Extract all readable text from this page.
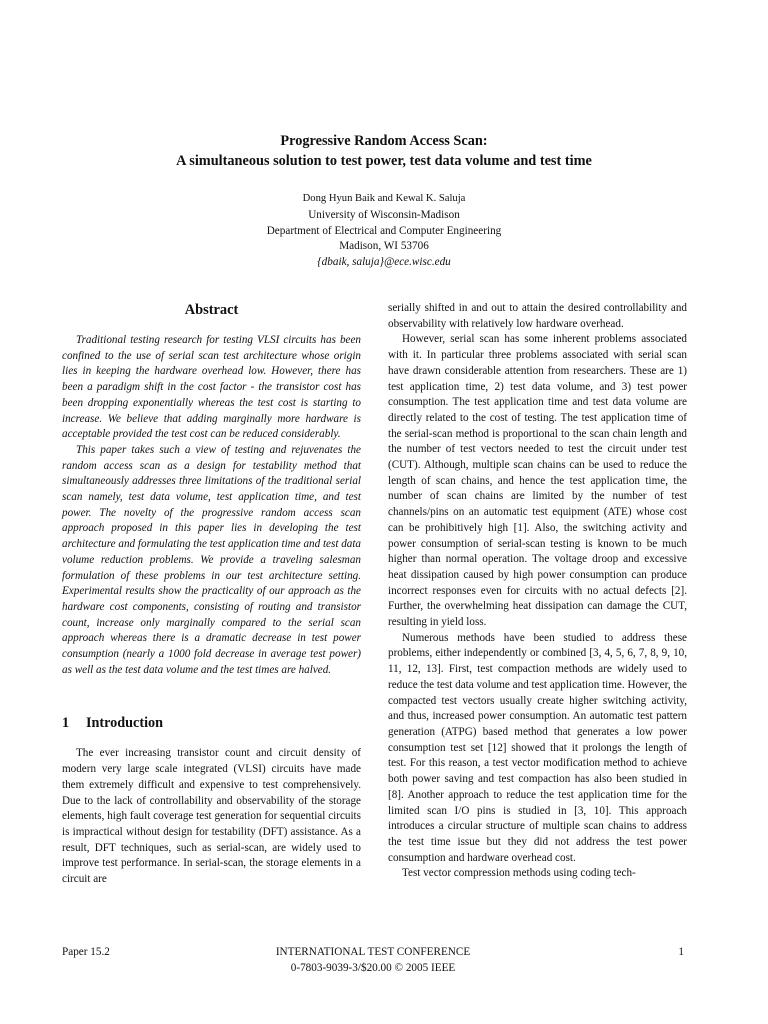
Progressive Random Access Scan:
A simultaneous solution to test power, test data volume and test time
Dong Hyun Baik and Kewal K. Saluja
University of Wisconsin-Madison
Department of Electrical and Computer Engineering
Madison, WI 53706
{dbaik, saluja}@ece.wisc.edu
Abstract

Traditional testing research for testing VLSI circuits has been confined to the use of serial scan test architecture whose origin lies in keeping the hardware overhead low. However, there has been a paradigm shift in the cost factor - the transistor cost has been dropping exponentially whereas the test cost is starting to increase. We believe that adding marginally more hardware is acceptable provided the test cost can be reduced considerably.

This paper takes such a view of testing and rejuvenates the random access scan as a design for testability method that simultaneously addresses three limitations of the traditional serial scan namely, test data volume, test application time, and test power. The novelty of the progressive random access scan approach proposed in this paper lies in developing the test architecture and formulating the test application time and test data volume reduction problems. We provide a traveling salesman formulation of these problems in our test architecture setting. Experimental results show the practicality of our approach as the hardware cost components, consisting of routing and transistor count, increase only marginally compared to the serial scan approach whereas there is a dramatic decrease in test power consumption (nearly a 1000 fold decrease in average test power) as well as the test data volume and the test times are halved.

1 Introduction

The ever increasing transistor count and circuit density of modern very large scale integrated (VLSI) circuits have made them extremely difficult and expensive to test comprehensively. Due to the lack of controllability and observability of the storage elements, high fault coverage test generation for sequential circuits is impractical without design for testability (DFT) assistance. As a result, DFT techniques, such as serial-scan, are widely used to improve test performance. In serial-scan, the storage elements in a circuit are

serially shifted in and out to attain the desired controllability and observability with relatively low hardware overhead.

However, serial scan has some inherent problems associated with it. In particular three problems associated with serial scan have drawn considerable attention from researchers. These are 1) test application time, 2) test data volume, and 3) test power consumption. The test application time and test data volume are directly related to the cost of testing. The test application time of the serial-scan method is proportional to the scan chain length and the number of test vectors needed to test the circuit under test (CUT). Although, multiple scan chains can be used to reduce the length of scan chains, and hence the test application time, the number of scan chains are limited by the number of test channels/pins on an automatic test equipment (ATE) whose cost can be prohibitively high [1]. Also, the switching activity and power consumption of serial-scan testing is known to be much higher than normal operation. The voltage droop and excessive heat dissipation caused by high power consumption can produce incorrect responses even for circuits with no actual defects [2]. Further, the overwhelming heat dissipation can damage the CUT, resulting in yield loss.

Numerous methods have been studied to address these problems, either independently or combined [3, 4, 5, 6, 7, 8, 9, 10, 11, 12, 13]. First, test compaction methods are widely used to reduce the test data volume and test application time. However, the compacted test vectors usually create higher switching activity, and thus, increased power consumption. An automatic test pattern generation (ATPG) based method that generates a low power consumption test set [12] showed that it prolongs the length of test. For this reason, a test vector modification method to achieve both power saving and test compaction has also been studied in [8]. Another approach to reduce the test application time for the limited scan I/O pins is studied in [3, 10]. This approach introduces a circular structure of multiple scan chains to address the test time issue but they did not address the test power consumption and hardware overhead cost.

Test vector compression methods using coding tech-

Paper 15.2	INTERNATIONAL TEST CONFERENCE
0-7803-9039-3/$20.00 © 2005 IEEE
1
